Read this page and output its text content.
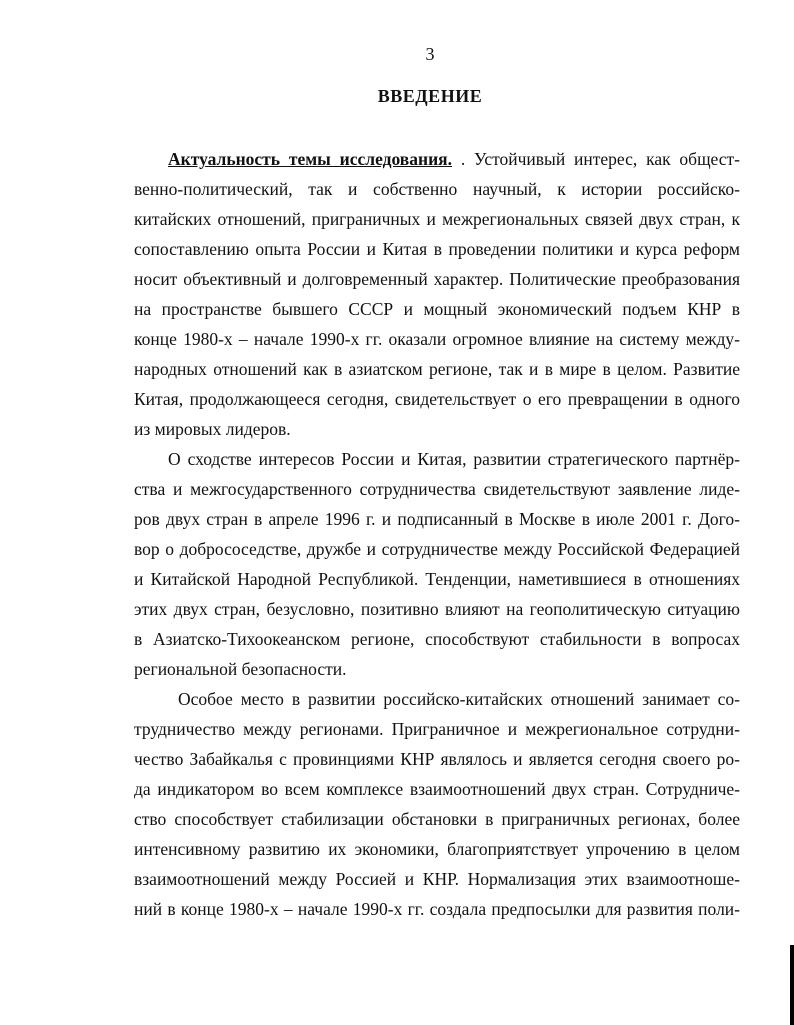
3
ВВЕДЕНИЕ
Актуальность темы исследования. . Устойчивый интерес, как общест-
венно-политический, так и собственно научный, к истории российско-
китайских отношений, приграничных и межрегиональных связей двух стран, к
сопоставлению опыта России и Китая в проведении политики и курса реформ
носит объективный и долговременный характер. Политические преобразования
на пространстве бывшего СССР и мощный экономический подъем КНР в
конце 1980-х – начале 1990-х гг. оказали огромное влияние на систему между-
народных отношений как в азиатском регионе, так и в мире в целом. Развитие
Китая, продолжающееся сегодня, свидетельствует о его превращении в одного
из мировых лидеров.
О сходстве интересов России и Китая, развитии стратегического партнёр-
ства и межгосударственного сотрудничества свидетельствуют заявление лиде-
ров двух стран в апреле 1996 г. и подписанный в Москве в июле 2001 г. Дого-
вор о добрососедстве, дружбе и сотрудничестве между Российской Федерацией
и Китайской Народной Республикой. Тенденции, наметившиеся в отношениях
этих двух стран, безусловно, позитивно влияют на геополитическую ситуацию
в Азиатско-Тихоокеанском регионе, способствуют стабильности в вопросах
региональной безопасности.
Особое место в развитии российско-китайских отношений занимает со-
трудничество между регионами. Приграничное и межрегиональное сотрудни-
чество Забайкалья с провинциями КНР являлось и является сегодня своего ро-
да индикатором во всем комплексе взаимоотношений двух стран. Сотрудниче-
ство способствует стабилизации обстановки в приграничных регионах, более
интенсивному развитию их экономики, благоприятствует упрочению в целом
взаимоотношений между Россией и КНР. Нормализация этих взаимоотноше-
ний в конце 1980-х – начале 1990-х гг. создала предпосылки для развития поли-
